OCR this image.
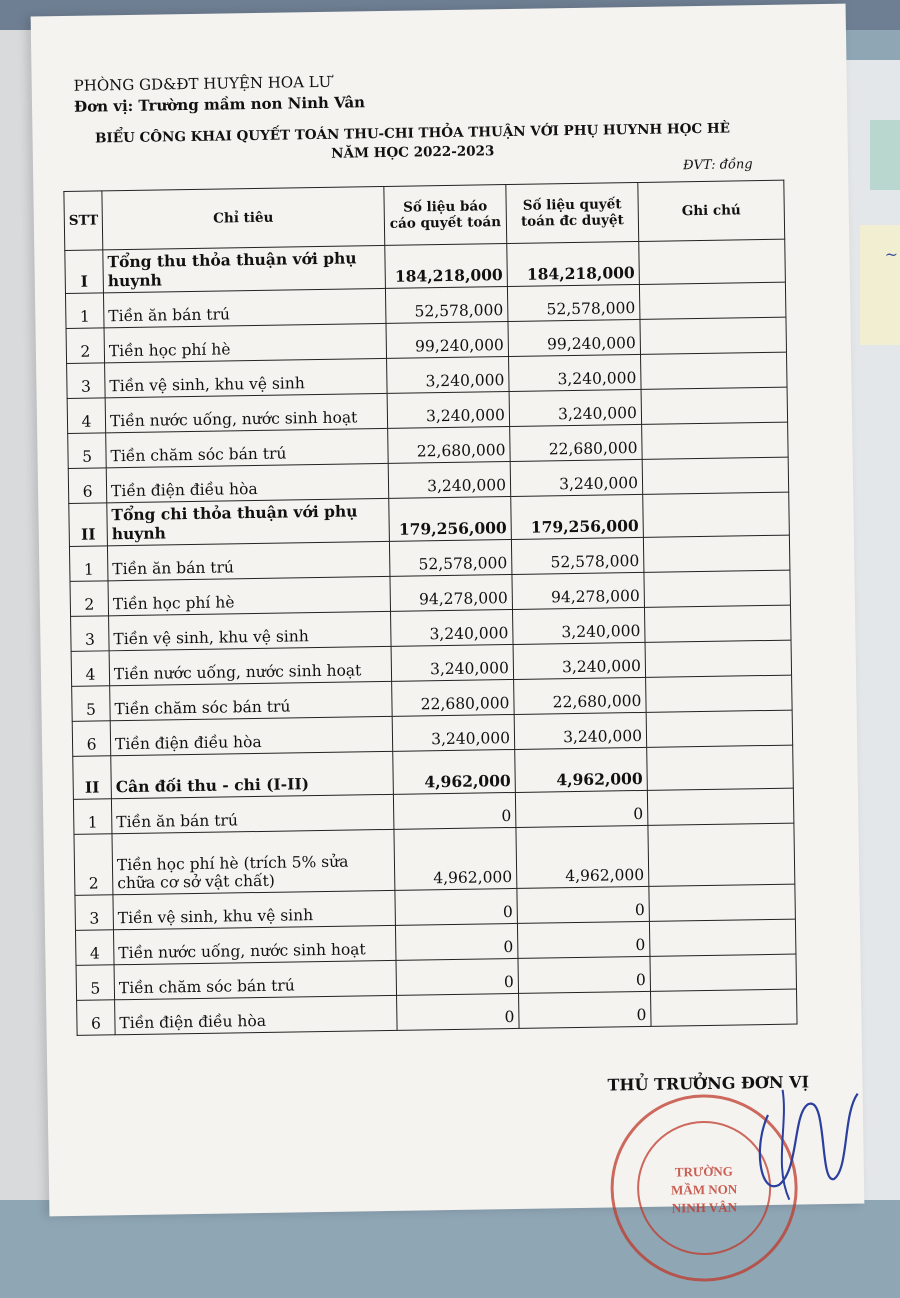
PHÒNG GD&ĐT HUYỆN HOA LƯ
Đơn vị: Trường mầm non Ninh Vân
BIỂU CÔNG KHAI QUYẾT TOÁN THU-CHI THỎA THUẬN VỚI PHỤ HUYNH HỌC HÈ
NĂM HỌC 2022-2023
ĐVT: đồng
STT	Chỉ tiêu	Số liệu báo cáo quyết toán	Số liệu quyết toán đc duyệt	Ghi chú
I	Tổng thu thỏa thuận với phụ huynh	184,218,000	184,218,000	
1	Tiền ăn bán trú	52,578,000	52,578,000	
2	Tiền học phí hè	99,240,000	99,240,000	
3	Tiền vệ sinh, khu vệ sinh	3,240,000	3,240,000	
4	Tiền nước uống, nước sinh hoạt	3,240,000	3,240,000	
5	Tiền chăm sóc bán trú	22,680,000	22,680,000	
6	Tiền điện điều hòa	3,240,000	3,240,000	
II	Tổng chi thỏa thuận với phụ huynh	179,256,000	179,256,000	
1	Tiền ăn bán trú	52,578,000	52,578,000	
2	Tiền học phí hè	94,278,000	94,278,000	
3	Tiền vệ sinh, khu vệ sinh	3,240,000	3,240,000	
4	Tiền nước uống, nước sinh hoạt	3,240,000	3,240,000	
5	Tiền chăm sóc bán trú	22,680,000	22,680,000	
6	Tiền điện điều hòa	3,240,000	3,240,000	
II	Cân đối thu - chi (I-II)	4,962,000	4,962,000	
1	Tiền ăn bán trú	0	0	
2	Tiền học phí hè (trích 5% sửa chữa cơ sở vật chất)	4,962,000	4,962,000	
3	Tiền vệ sinh, khu vệ sinh	0	0	
4	Tiền nước uống, nước sinh hoạt	0	0	
5	Tiền chăm sóc bán trú	0	0	
6	Tiền điện điều hòa	0	0	
THỦ TRƯỞNG ĐƠN VỊ
TRƯỜNG
MẦM NON
NINH VÂN
~
